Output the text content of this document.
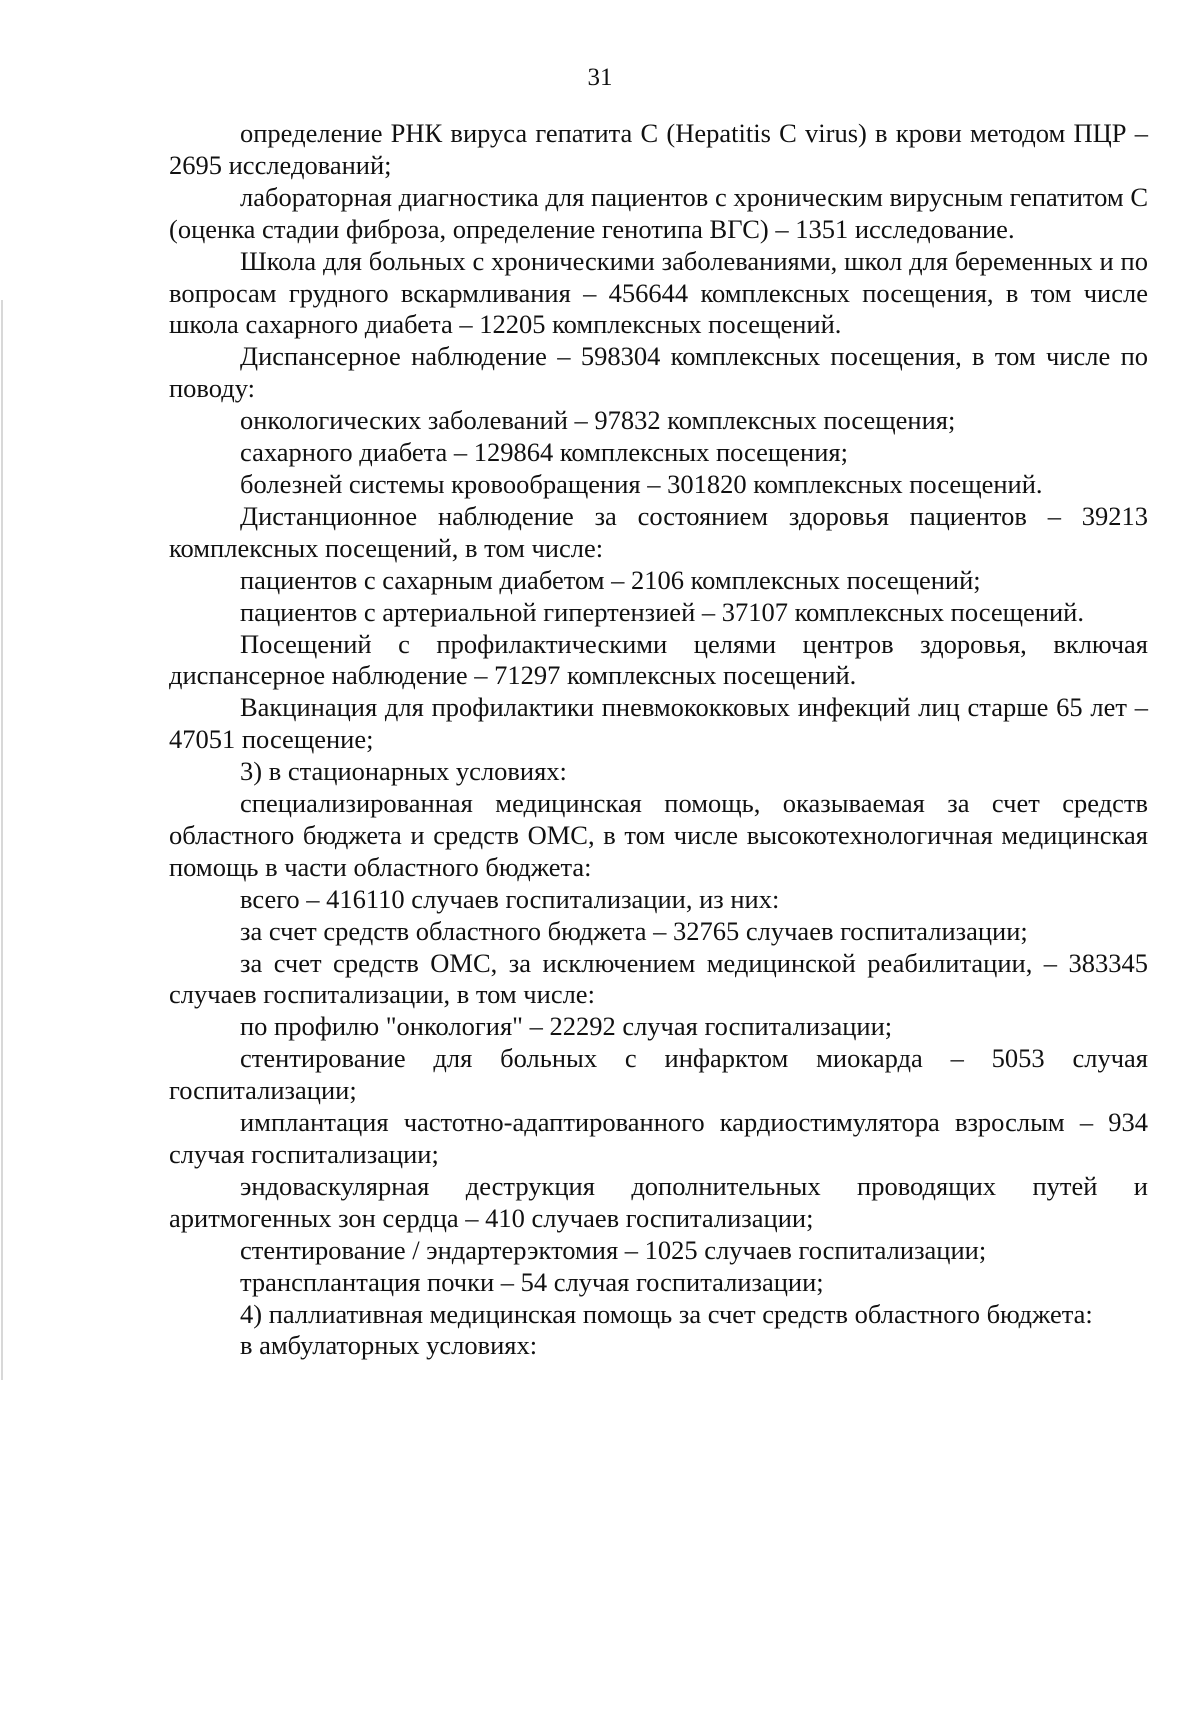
31

определение РНК вируса гепатита С (Hepatitis C virus) в крови методом ПЦР – 2695 исследований;

лабораторная диагностика для пациентов с хроническим вирусным гепатитом С (оценка стадии фиброза, определение генотипа ВГС) – 1351 исследование.

Школа для больных с хроническими заболеваниями, школ для беременных и по вопросам грудного вскармливания – 456644 комплексных посещения, в том числе школа сахарного диабета – 12205 комплексных посещений.

Диспансерное наблюдение – 598304 комплексных посещения, в том числе по поводу:

онкологических заболеваний – 97832 комплексных посещения;

сахарного диабета – 129864 комплексных посещения;

болезней системы кровообращения – 301820 комплексных посещений.

Дистанционное наблюдение за состоянием здоровья пациентов – 39213 комплексных посещений, в том числе:

пациентов с сахарным диабетом – 2106 комплексных посещений;

пациентов с артериальной гипертензией – 37107 комплексных посещений.

Посещений с профилактическими целями центров здоровья, включая диспансерное наблюдение – 71297 комплексных посещений.

Вакцинация для профилактики пневмококковых инфекций лиц старше 65 лет – 47051 посещение;

3) в стационарных условиях:

специализированная медицинская помощь, оказываемая за счет средств областного бюджета и средств ОМС, в том числе высокотехнологичная медицинская помощь в части областного бюджета:

всего – 416110 случаев госпитализации, из них:

за счет средств областного бюджета – 32765 случаев госпитализации;

за счет средств ОМС, за исключением медицинской реабилитации, – 383345 случаев госпитализации, в том числе:

по профилю "онкология" – 22292 случая госпитализации;

стентирование для больных с инфарктом миокарда – 5053 случая госпитализации;

имплантация частотно-адаптированного кардиостимулятора взрослым – 934 случая госпитализации;

эндоваскулярная деструкция дополнительных проводящих путей и аритмогенных зон сердца – 410 случаев госпитализации;

стентирование / эндартерэктомия – 1025 случаев госпитализации;

трансплантация почки – 54 случая госпитализации;

4) паллиативная медицинская помощь за счет средств областного бюджета:

в амбулаторных условиях:
